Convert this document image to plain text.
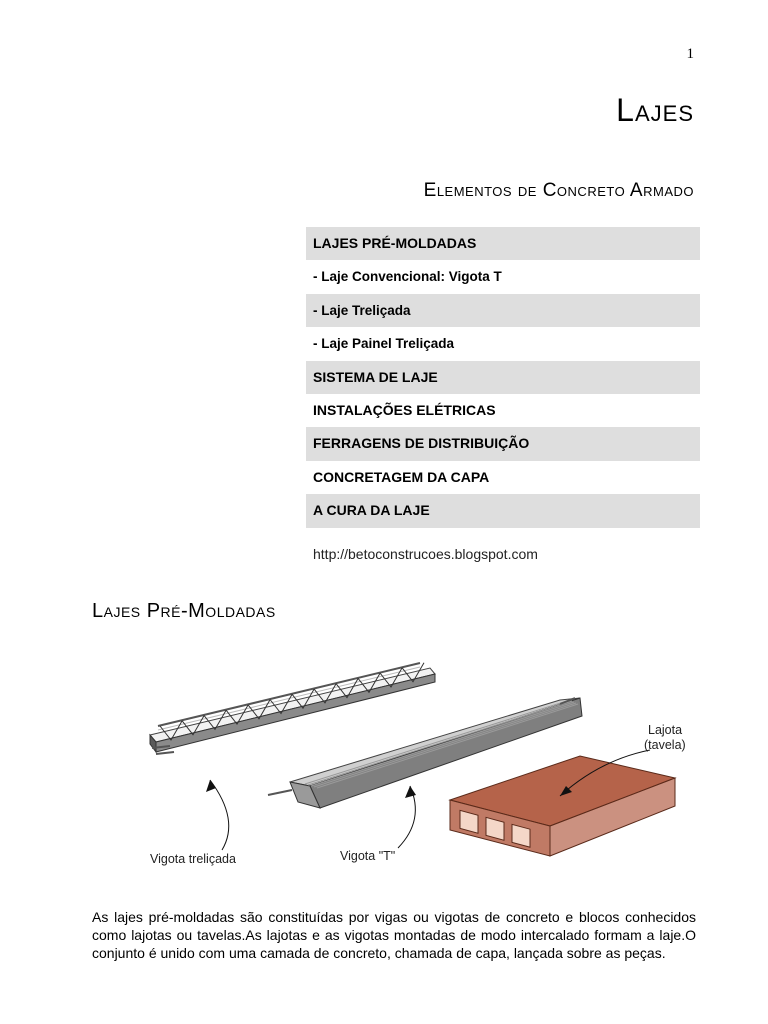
1
Lajes
Elementos de Concreto Armado
LAJES PRÉ-MOLDADAS
- Laje Convencional: Vigota T
- Laje Treliçada
- Laje Painel Treliçada
SISTEMA DE LAJE
INSTALAÇÕES ELÉTRICAS
FERRAGENS DE DISTRIBUIÇÃO
CONCRETAGEM DA CAPA
A CURA DA LAJE
http://betoconstrucoes.blogspot.com
Lajes Pré-Moldadas
Vigota treliçada	Vigota "T"
Lajota
(tavela)

As lajes pré-moldadas são constituídas por vigas ou vigotas de concreto e blocos conhecidos como lajotas ou tavelas.As lajotas e as vigotas montadas de modo intercalado formam a laje.O conjunto é unido com uma camada de concreto, chamada de capa, lançada sobre as peças.
